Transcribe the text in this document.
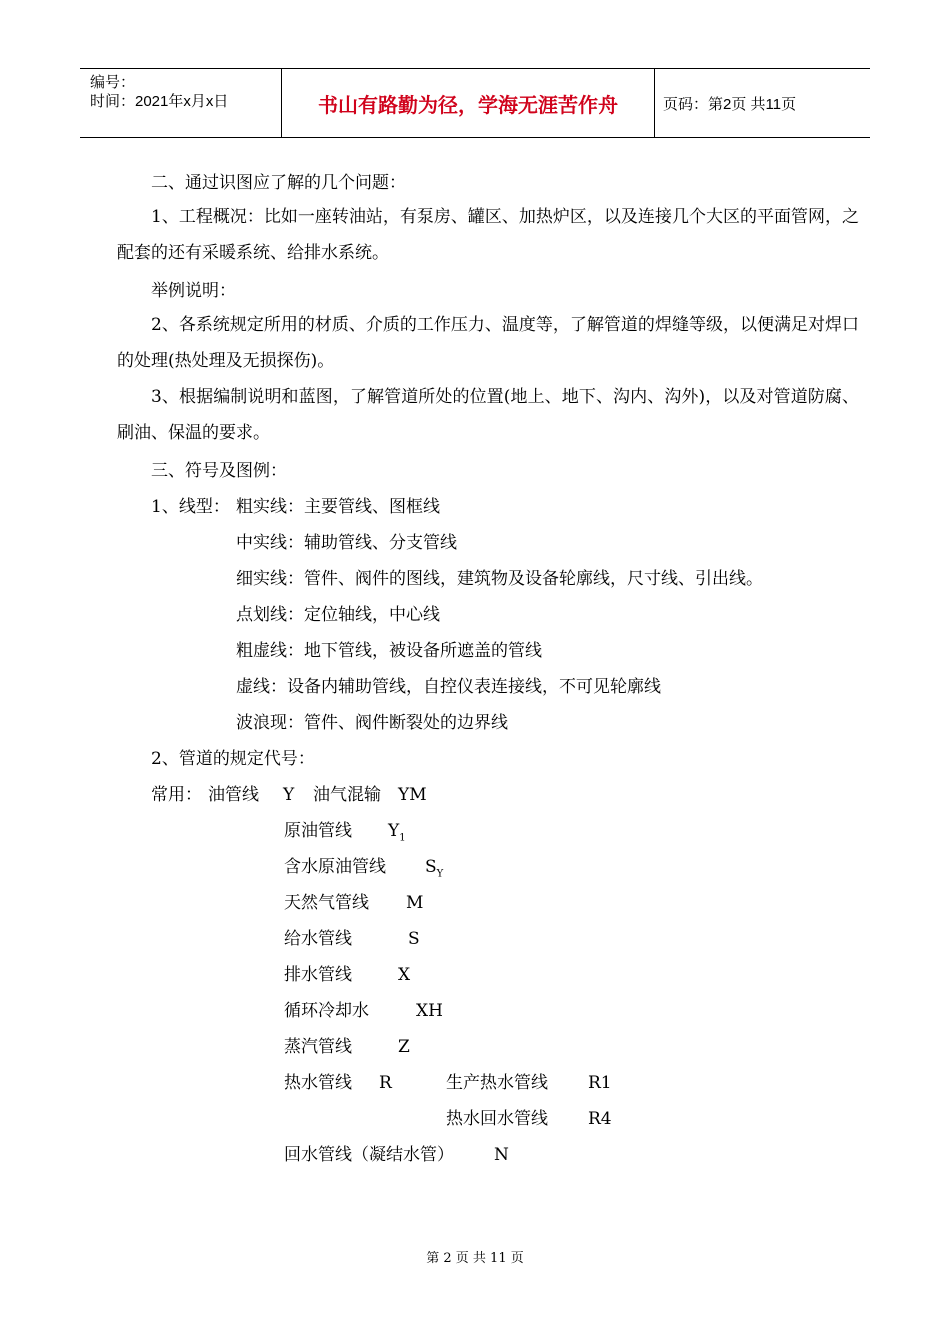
编号：
时间：2021年x月x日	书山有路勤为径，学海无涯苦作舟	页码：第2页 共11页
二、通过识图应了解的几个问题：
1、工程概况：比如一座转油站，有泵房、罐区、加热炉区，以及连接几个大区的平面管网，之配套的还有采暖系统、给排水系统。
举例说明：
2、各系统规定所用的材质、介质的工作压力、温度等，了解管道的焊缝等级，以便满足对焊口的处理(热处理及无损探伤)。
3、根据编制说明和蓝图，了解管道所处的位置(地上、地下、沟内、沟外)，以及对管道防腐、刷油、保温的要求。
三、符号及图例：
1、线型： 粗实线：主要管线、图框线
中实线：辅助管线、分支管线
细实线：管件、阀件的图线，建筑物及设备轮廓线，尺寸线、引出线。
点划线：定位轴线，中心线
粗虚线：地下管线，被设备所遮盖的管线
虚线：设备内辅助管线，自控仪表连接线，不可见轮廓线
波浪现：管件、阀件断裂处的边界线
2、管道的规定代号：
常用： 油管线 Y 油气混输 YM
原油管线 $Y_1$
含水原油管线 $S_Y$
天然气管线 M
给水管线	S
排水管线	X
循环冷却水	XH
蒸汽管线	Z
热水管线 R	生产热水管线 R1
热水回水管线 R4
回水管线（凝结水管） N
第 2 页 共 11 页
